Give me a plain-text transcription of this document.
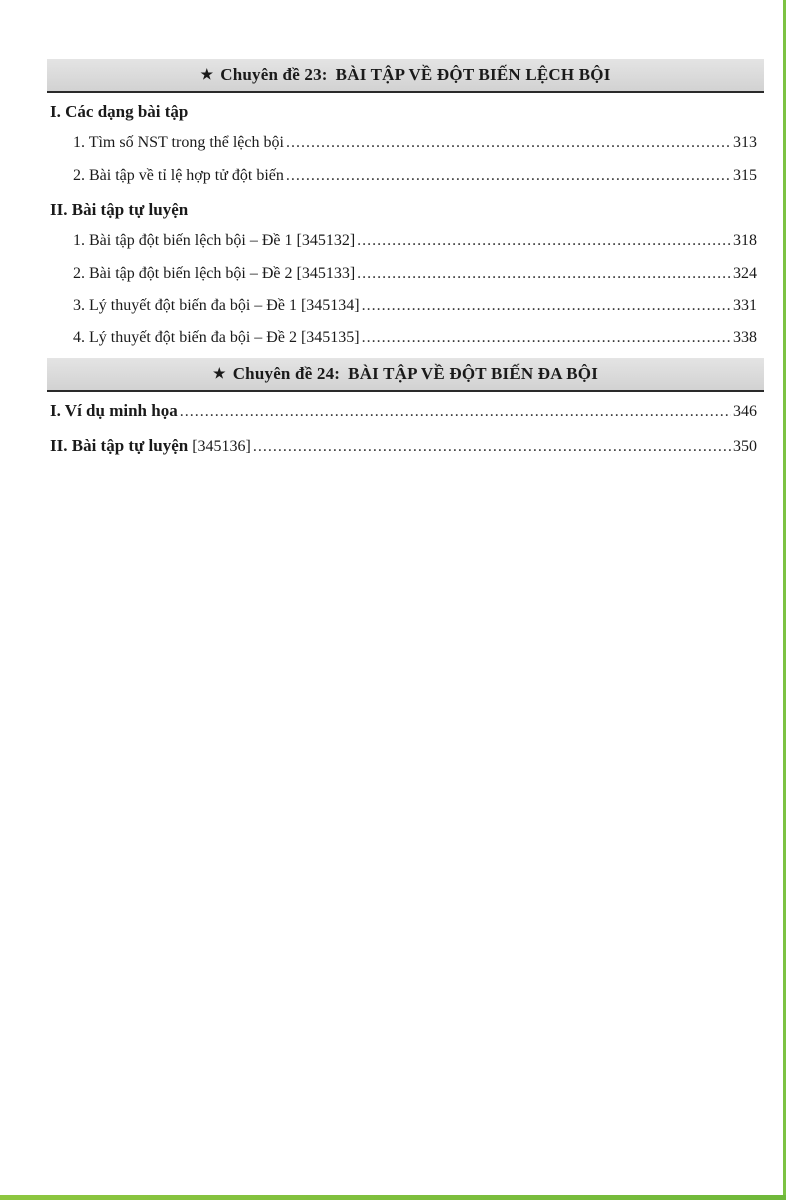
★ Chuyên đề 23: BÀI TẬP VỀ ĐỘT BIẾN LỆCH BỘI
I. Các dạng bài tập
1. Tìm số NST trong thể lệch bội .....	313
2. Bài tập về tỉ lệ hợp tử đột biến .....	315
II. Bài tập tự luyện
1. Bài tập đột biến lệch bội – Đề 1 [345132] .....	318
2. Bài tập đột biến lệch bội – Đề 2 [345133] .....	324
3. Lý thuyết đột biến đa bội – Đề 1 [345134] .....	331
4. Lý thuyết đột biến đa bội – Đề 2 [345135] .....	338
★ Chuyên đề 24: BÀI TẬP VỀ ĐỘT BIẾN ĐA BỘI
I. Ví dụ minh họa .....	346
II. Bài tập tự luyện [345136] .....	350
